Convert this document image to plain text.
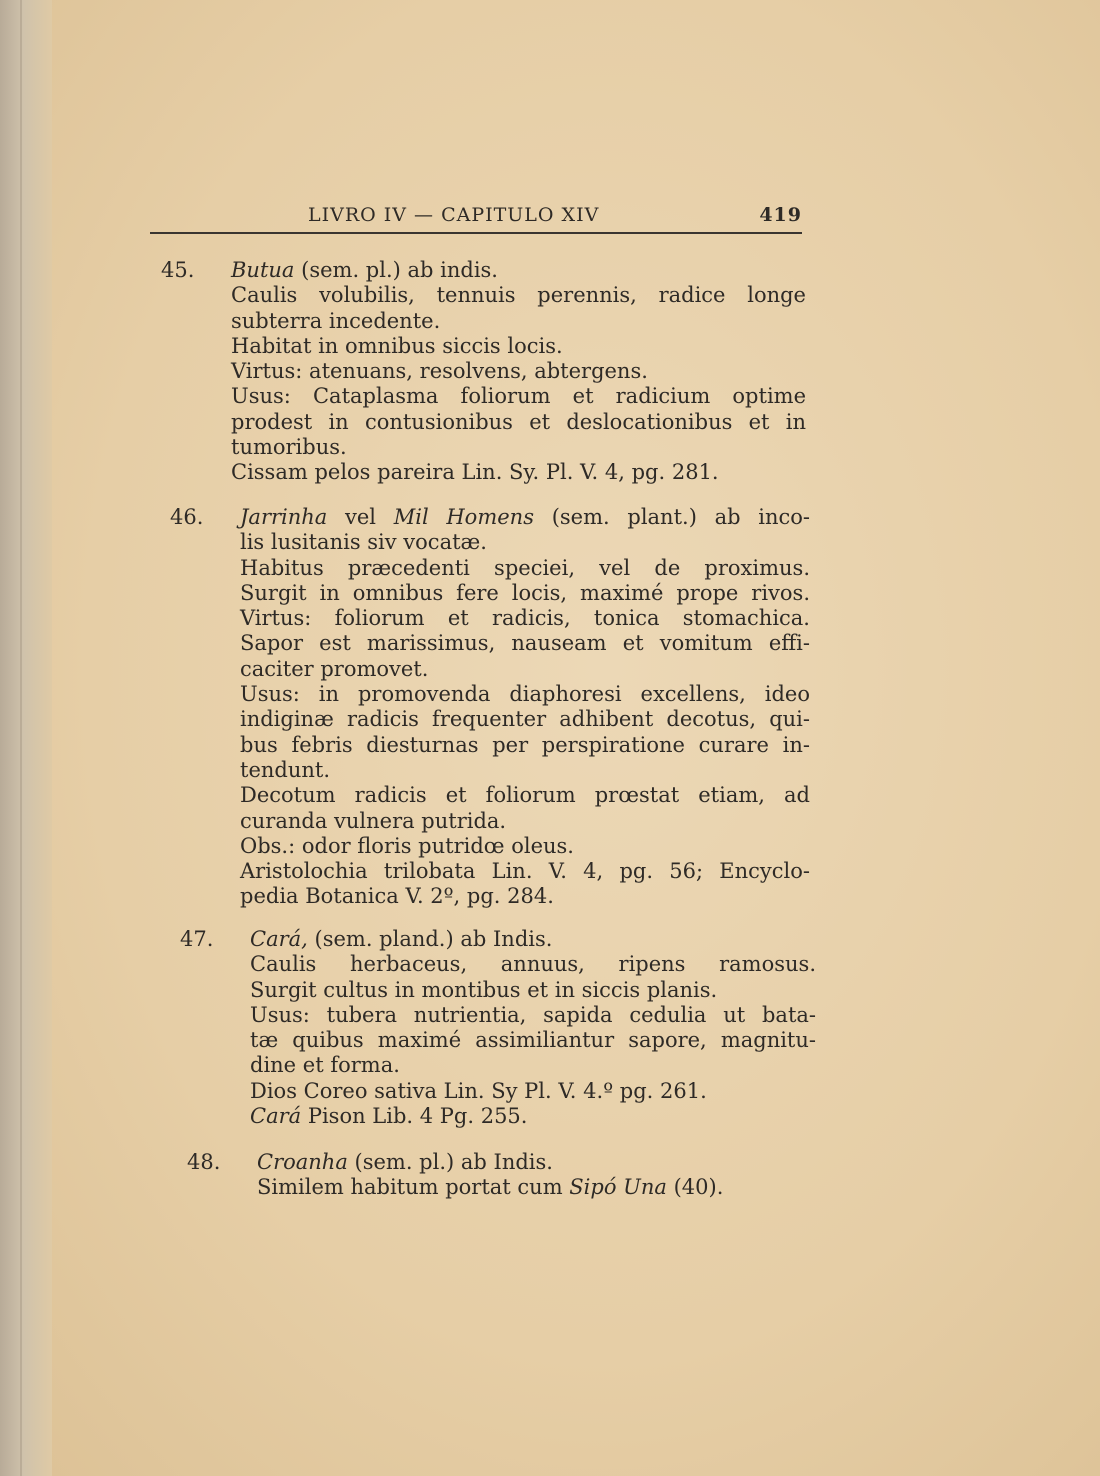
LIVRO IV — CAPITULO XIV	419
45. Butua (sem. pl.) ab indis.
Caulis volubilis, tennuis perennis, radice longe
subterra incedente.
Habitat in omnibus siccis locis.
Virtus: atenuans, resolvens, abtergens.
Usus: Cataplasma foliorum et radicium optime
prodest in contusionibus et deslocationibus et in
tumoribus.
Cissam pelos pareira Lin. Sy. Pl. V. 4, pg. 281.
46. Jarrinha vel Mil Homens (sem. plant.) ab inco-
lis lusitanis siv vocatæ.
Habitus præcedenti speciei, vel de proximus.
Surgit in omnibus fere locis, maximé prope rivos.
Virtus: foliorum et radicis, tonica stomachica.
Sapor est marissimus, nauseam et vomitum effi-
caciter promovet.
Usus: in promovenda diaphoresi excellens, ideo
indiginæ radicis frequenter adhibent decotus, qui-
bus febris diesturnas per perspiratione curare in-
tendunt.
Decotum radicis et foliorum prœstat etiam, ad
curanda vulnera putrida.
Obs.: odor floris putridœ oleus.
Aristolochia trilobata Lin. V. 4, pg. 56; Encyclo-
pedia Botanica V. 2º, pg. 284.
47. Cará, (sem. pland.) ab Indis.
Caulis herbaceus, annuus, ripens ramosus.
Surgit cultus in montibus et in siccis planis.
Usus: tubera nutrientia, sapida cedulia ut bata-
tæ quibus maximé assimiliantur sapore, magnitu-
dine et forma.
Dios Coreo sativa Lin. Sy Pl. V. 4.º pg. 261.
Cará Pison Lib. 4 Pg. 255.
48. Croanha (sem. pl.) ab Indis.
Similem habitum portat cum Sipó Una (40).
